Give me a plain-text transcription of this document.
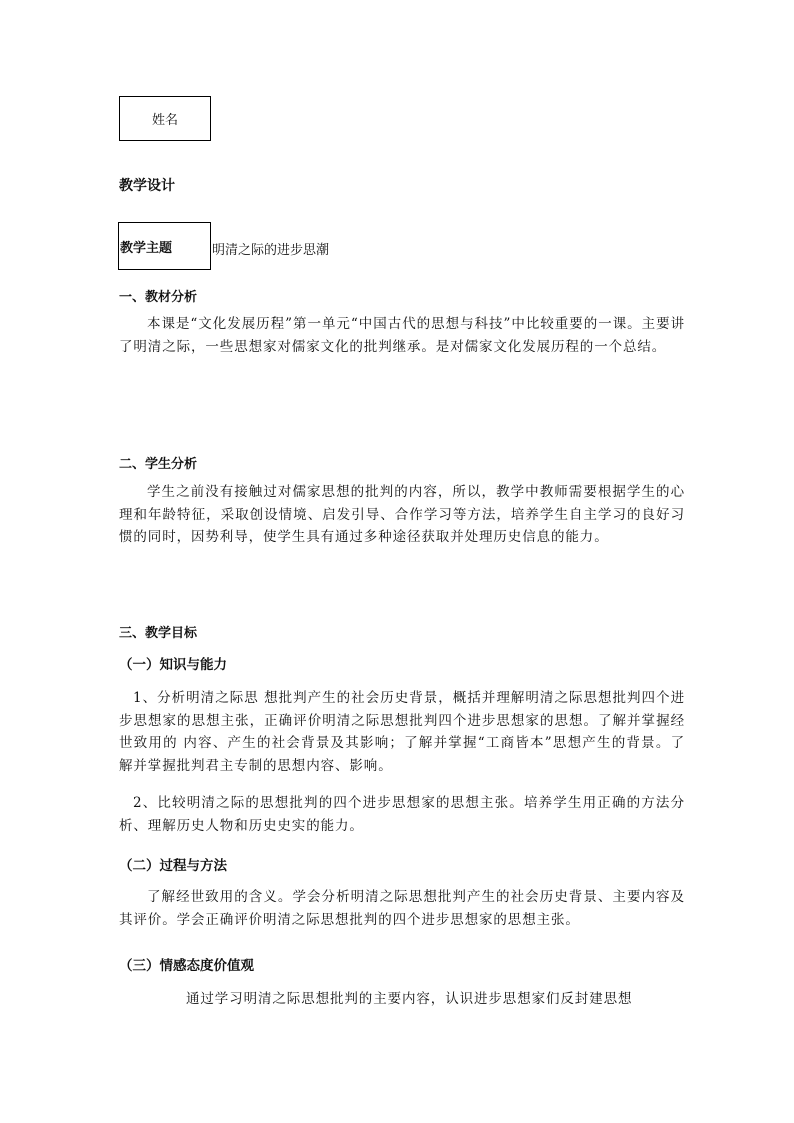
姓名
教学设计
教学主题	明清之际的进步思潮
一、教材分析

本课是“文化发展历程”第一单元“中国古代的思想与科技”中比较重要的一课。主要讲了明清之际，一些思想家对儒家文化的批判继承。是对儒家文化发展历程的一个总结。

二、学生分析

学生之前没有接触过对儒家思想的批判的内容，所以，教学中教师需要根据学生的心理和年龄特征，采取创设情境、启发引导、合作学习等方法，培养学生自主学习的良好习惯的同时，因势利导，使学生具有通过多种途径获取并处理历史信息的能力。

三、教学目标
（一）知识与能力

1、分析明清之际思 想批判产生的社会历史背景，概括并理解明清之际思想批判四个进步思想家的思想主张，正确评价明清之际思想批判四个进步思想家的思想。了解并掌握经世致用的 内容、产生的社会背景及其影响；了解并掌握“工商皆本”思想产生的背景。了解并掌握批判君主专制的思想内容、影响。

2、比较明清之际的思想批判的四个进步思想家的思想主张。培养学生用正确的方法分析、理解历史人物和历史史实的能力。

（二）过程与方法

了解经世致用的含义。学会分析明清之际思想批判产生的社会历史背景、主要内容及其评价。学会正确评价明清之际思想批判的四个进步思想家的思想主张。

（三）情感态度价值观

通过学习明清之际思想批判的主要内容，认识进步思想家们反封建思想
